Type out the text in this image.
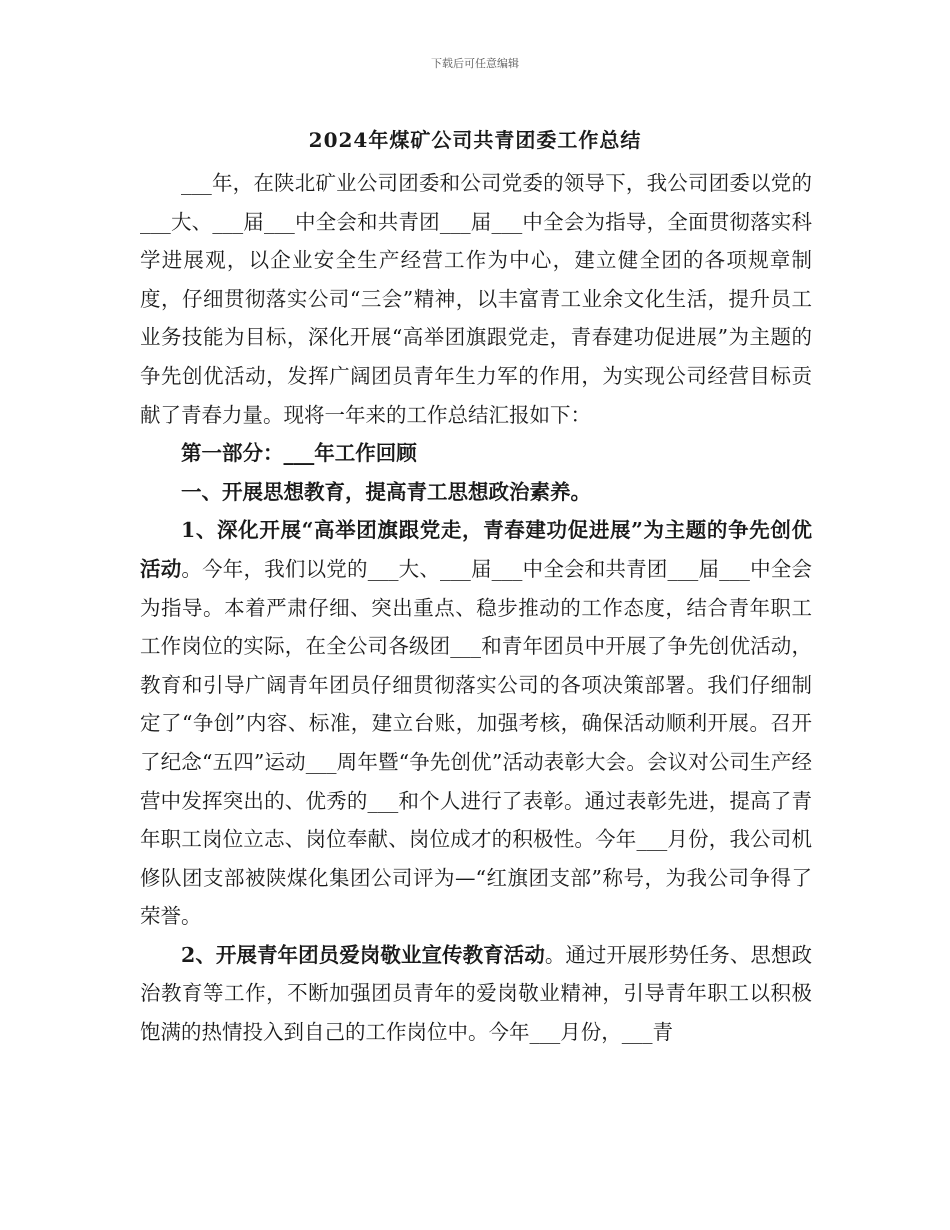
下载后可任意编辑
2024年煤矿公司共青团委工作总结

___年，在陕北矿业公司团委和公司党委的领导下，我公司团委以党的___大、___届___中全会和共青团___届___中全会为指导，全面贯彻落实科学进展观，以企业安全生产经营工作为中心，建立健全团的各项规章制度，仔细贯彻落实公司“三会”精神，以丰富青工业余文化生活，提升员工业务技能为目标，深化开展“高举团旗跟党走，青春建功促进展”为主题的争先创优活动，发挥广阔团员青年生力军的作用，为实现公司经营目标贡献了青春力量。现将一年来的工作总结汇报如下：

第一部分：___年工作回顾

一、开展思想教育，提高青工思想政治素养。

1、深化开展“高举团旗跟党走，青春建功促进展”为主题的争先创优活动。今年，我们以党的___大、___届___中全会和共青团___届___中全会为指导。本着严肃仔细、突出重点、稳步推动的工作态度，结合青年职工工作岗位的实际，在全公司各级团___和青年团员中开展了争先创优活动，教育和引导广阔青年团员仔细贯彻落实公司的各项决策部署。我们仔细制定了“争创”内容、标准，建立台账，加强考核，确保活动顺利开展。召开了纪念“五四”运动___周年暨“争先创优”活动表彰大会。会议对公司生产经营中发挥突出的、优秀的___和个人进行了表彰。通过表彰先进，提高了青年职工岗位立志、岗位奉献、岗位成才的积极性。今年___月份，我公司机修队团支部被陕煤化集团公司评为—“红旗团支部”称号，为我公司争得了荣誉。

2、开展青年团员爱岗敬业宣传教育活动。通过开展形势任务、思想政治教育等工作，不断加强团员青年的爱岗敬业精神，引导青年职工以积极饱满的热情投入到自己的工作岗位中。今年___月份，___青
